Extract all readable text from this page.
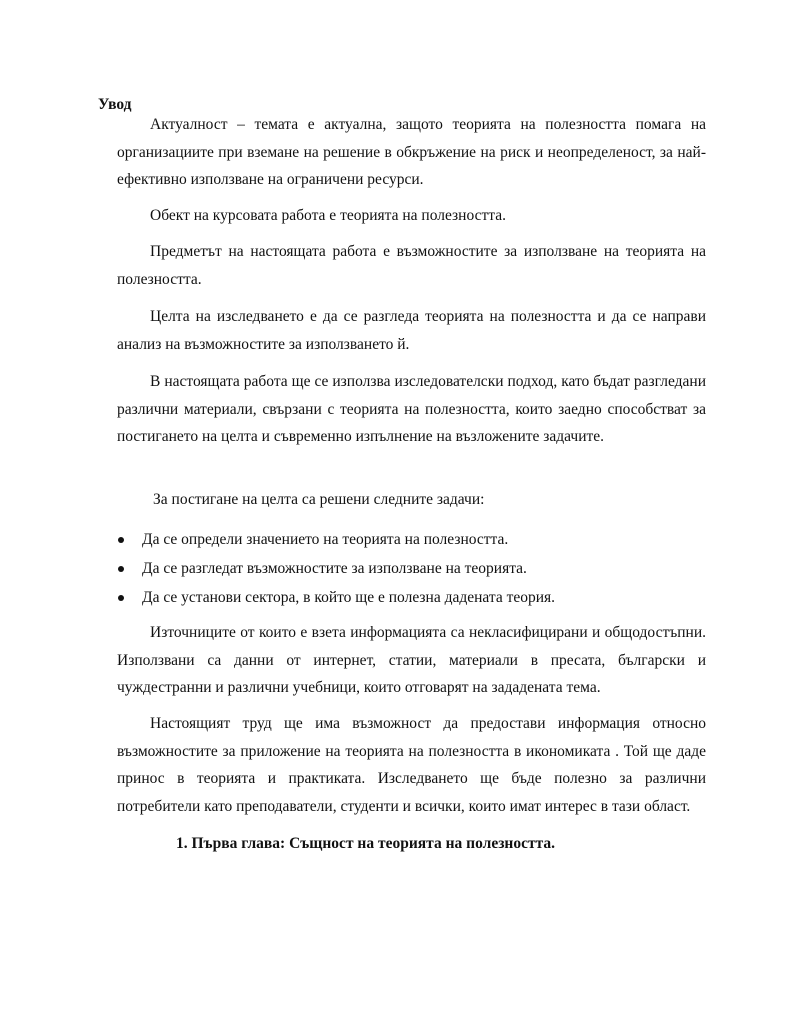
Увод

Актуалност – темата е актуална, защото теорията на полезността помага на организациите при вземане на решение в обкръжение на риск и неопределеност, за най-ефективно използване на ограничени ресурси.

Обект на курсовата работа е теорията на полезността.

Предметът на настоящата работа е възможностите за използване на теорията на полезността.

Целта на изследването е да се разгледа теорията на полезността и да се направи анализ на възможностите за използването й.

В настоящата работа ще се използва изследователски подход, като бъдат разгледани различни материали, свързани с теорията на полезността, които заедно способстват за постигането на целта и съвременно изпълнение на възложените задачите.

За постигане на целта са решени следните задачи:

Да се определи значението на теорията на полезността.
Да се разгледат възможностите за използване на теорията.
Да се установи сектора, в който ще е полезна дадената теория.

Източниците от които е взета информацията са некласифицирани и общодостъпни. Използвани са данни от интернет, статии, материали в пресата, български и чуждестранни и различни учебници, които отговарят на зададената тема.

Настоящият труд ще има възможност да предостави информация относно възможностите за приложение на теорията на полезността в икономиката . Той ще даде принос в теорията и практиката. Изследването ще бъде полезно за различни потребители като преподаватели, студенти и всички, които имат интерес в тази област.

1. Първа глава: Същност на теорията на полезността.
